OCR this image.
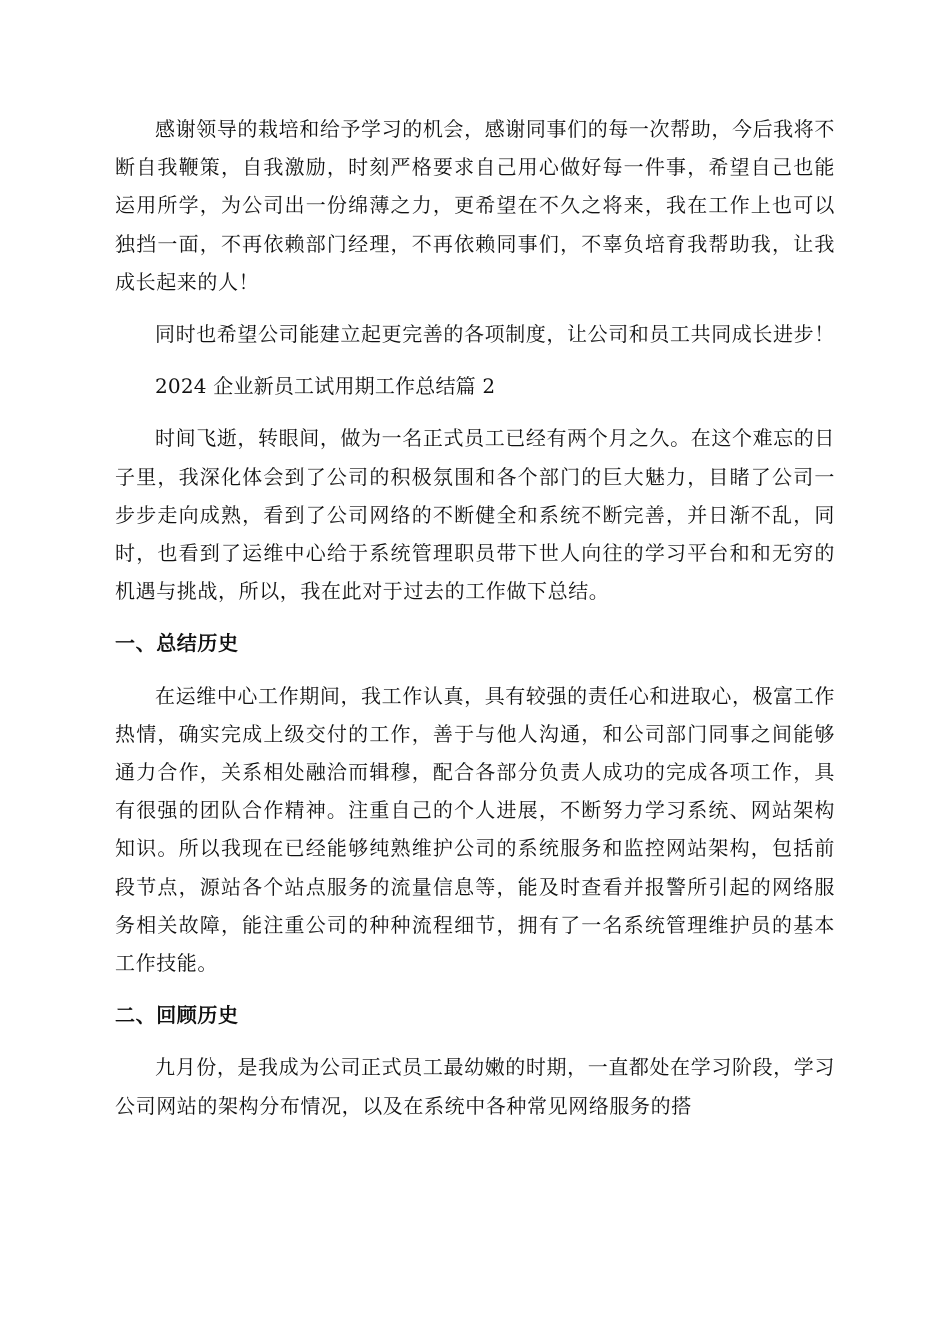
感谢领导的栽培和给予学习的机会，感谢同事们的每一次帮助，今后我将不断自我鞭策，自我激励，时刻严格要求自己用心做好每一件事，希望自己也能运用所学，为公司出一份绵薄之力，更希望在不久之将来，我在工作上也可以独挡一面，不再依赖部门经理，不再依赖同事们，不辜负培育我帮助我，让我成长起来的人！

同时也希望公司能建立起更完善的各项制度，让公司和员工共同成长进步！

2024 企业新员工试用期工作总结篇 2

时间飞逝，转眼间，做为一名正式员工已经有两个月之久。在这个难忘的日子里，我深化体会到了公司的积极氛围和各个部门的巨大魅力，目睹了公司一步步走向成熟，看到了公司网络的不断健全和系统不断完善，并日渐不乱，同时，也看到了运维中心给于系统管理职员带下世人向往的学习平台和和无穷的机遇与挑战，所以，我在此对于过去的工作做下总结。

一、总结历史

在运维中心工作期间，我工作认真，具有较强的责任心和进取心，极富工作热情，确实完成上级交付的工作，善于与他人沟通，和公司部门同事之间能够通力合作，关系相处融洽而辑穆，配合各部分负责人成功的完成各项工作，具有很强的团队合作精神。注重自己的个人进展，不断努力学习系统、网站架构知识。所以我现在已经能够纯熟维护公司的系统服务和监控网站架构，包括前段节点，源站各个站点服务的流量信息等，能及时查看并报警所引起的网络服务相关故障，能注重公司的种种流程细节，拥有了一名系统管理维护员的基本工作技能。

二、回顾历史

九月份，是我成为公司正式员工最幼嫩的时期，一直都处在学习阶段，学习公司网站的架构分布情况，以及在系统中各种常见网络服务的搭
